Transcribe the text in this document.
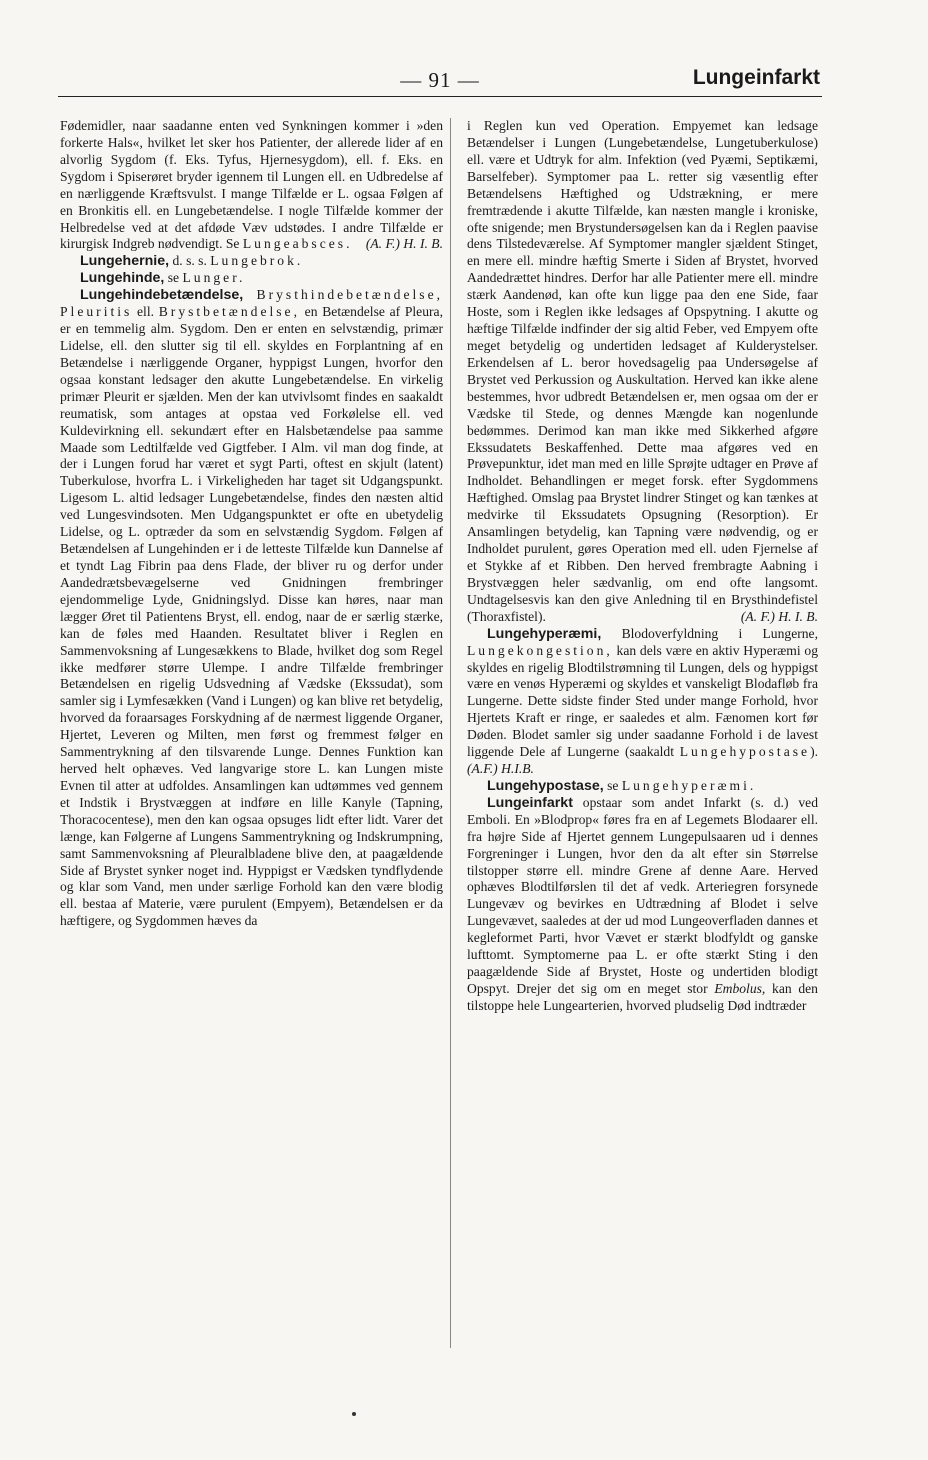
— 91 —	Lungeinfarkt

Fødemidler, naar saadanne enten ved Synkningen kommer i »den forkerte Hals«, hvilket let sker hos Patienter, der allerede lider af en alvorlig Sygdom (f. Eks. Tyfus, Hjernesygdom), ell. f. Eks. en Sygdom i Spiserøret bryder igennem til Lungen ell. en Udbredelse af en nærliggende Kræftsvulst. I mange Tilfælde er L. ogsaa Følgen af en Bronkitis ell. en Lungebetændelse. I nogle Tilfælde kommer der Helbredelse ved at det afdøde Væv udstødes. I andre Tilfælde er kirurgisk Indgreb nødvendigt. Se Lungeabsces. (A. F.) H. I. B.

Lungehernie, d. s. s. Lungebrok.

Lungehinde, se Lunger.

Lungehindebetændelse, Brysthindebetændelse, Pleuritis ell. Brystbetændelse, en Betændelse af Pleura, er en temmelig alm. Sygdom. Den er enten en selvstændig, primær Lidelse, ell. den slutter sig til ell. skyldes en Forplantning af en Betændelse i nærliggende Organer, hyppigst Lungen, hvorfor den ogsaa konstant ledsager den akutte Lungebetændelse. En virkelig primær Pleurit er sjælden. Men der kan utvivlsomt findes en saakaldt reumatisk, som antages at opstaa ved Forkølelse ell. ved Kuldevirkning ell. sekundært efter en Halsbetændelse paa samme Maade som Ledtilfælde ved Gigtfeber. I Alm. vil man dog finde, at der i Lungen forud har været et sygt Parti, oftest en skjult (latent) Tuberkulose, hvorfra L. i Virkeligheden har taget sit Udgangspunkt. Ligesom L. altid ledsager Lungebetændelse, findes den næsten altid ved Lungesvindsoten. Men Udgangspunktet er ofte en ubetydelig Lidelse, og L. optræder da som en selvstændig Sygdom. Følgen af Betændelsen af Lungehinden er i de letteste Tilfælde kun Dannelse af et tyndt Lag Fibrin paa dens Flade, der bliver ru og derfor under Aandedrætsbevægelserne ved Gnidningen frembringer ejendommelige Lyde, Gnidningslyd. Disse kan høres, naar man lægger Øret til Patientens Bryst, ell. endog, naar de er særlig stærke, kan de føles med Haanden. Resultatet bliver i Reglen en Sammenvoksning af Lungesækkens to Blade, hvilket dog som Regel ikke medfører større Ulempe. I andre Tilfælde frembringer Betændelsen en rigelig Udsvedning af Vædske (Ekssudat), som samler sig i Lymfesækken (Vand i Lungen) og kan blive ret betydelig, hvorved da foraarsages Forskydning af de nærmest liggende Organer, Hjertet, Leveren og Milten, men først og fremmest følger en Sammentrykning af den tilsvarende Lunge. Dennes Funktion kan herved helt ophæves. Ved langvarige store L. kan Lungen miste Evnen til atter at udfoldes. Ansamlingen kan udtømmes ved gennem et Indstik i Brystvæggen at indføre en lille Kanyle (Tapning, Thoracocentese), men den kan ogsaa opsuges lidt efter lidt. Varer det længe, kan Følgerne af Lungens Sammentrykning og Indskrumpning, samt Sammenvoksning af Pleuralbladene blive den, at paagældende Side af Brystet synker noget ind. Hyppigst er Vædsken tyndflydende og klar som Vand, men under særlige Forhold kan den være blodig ell. bestaa af Materie, være purulent (Empyem), Betændelsen er da hæftigere, og Sygdommen hæves da

i Reglen kun ved Operation. Empyemet kan ledsage Betændelser i Lungen (Lungebetændelse, Lungetuberkulose) ell. være et Udtryk for alm. Infektion (ved Pyæmi, Septikæmi, Barselfeber). Symptomer paa L. retter sig væsentlig efter Betændelsens Hæftighed og Udstrækning, er mere fremtrædende i akutte Tilfælde, kan næsten mangle i kroniske, ofte snigende; men Brystundersøgelsen kan da i Reglen paavise dens Tilstedeværelse. Af Symptomer mangler sjældent Stinget, en mere ell. mindre hæftig Smerte i Siden af Brystet, hvorved Aandedrættet hindres. Derfor har alle Patienter mere ell. mindre stærk Aandenød, kan ofte kun ligge paa den ene Side, faar Hoste, som i Reglen ikke ledsages af Opspytning. I akutte og hæftige Tilfælde indfinder der sig altid Feber, ved Empyem ofte meget betydelig og undertiden ledsaget af Kulderystelser. Erkendelsen af L. beror hovedsagelig paa Undersøgelse af Brystet ved Perkussion og Auskultation. Herved kan ikke alene bestemmes, hvor udbredt Betændelsen er, men ogsaa om der er Vædske til Stede, og dennes Mængde kan nogenlunde bedømmes. Derimod kan man ikke med Sikkerhed afgøre Ekssudatets Beskaffenhed. Dette maa afgøres ved en Prøvepunktur, idet man med en lille Sprøjte udtager en Prøve af Indholdet. Behandlingen er meget forsk. efter Sygdommens Hæftighed. Omslag paa Brystet lindrer Stinget og kan tænkes at medvirke til Ekssudatets Opsugning (Resorption). Er Ansamlingen betydelig, kan Tapning være nødvendig, og er Indholdet purulent, gøres Operation med ell. uden Fjernelse af et Stykke af et Ribben. Den herved frembragte Aabning i Brystvæggen heler sædvanlig, om end ofte langsomt. Undtagelsesvis kan den give Anledning til en Brysthindefistel (Thoraxfistel).	(A. F.) H. I. B.

Lungehyperæmi, Blodoverfyldning i Lungerne, Lungekongestion, kan dels være en aktiv Hyperæmi og skyldes en rigelig Blodtilstrømning til Lungen, dels og hyppigst være en venøs Hyperæmi og skyldes et vanskeligt Blodafløb fra Lungerne. Dette sidste finder Sted under mange Forhold, hvor Hjertets Kraft er ringe, er saaledes et alm. Fænomen kort før Døden. Blodet samler sig under saadanne Forhold i de lavest liggende Dele af Lungerne (saakaldt Lungehypostase). (A.F.) H.I.B.

Lungehypostase, se Lungehyperæmi.

Lungeinfarkt opstaar som andet Infarkt (s. d.) ved Emboli. En »Blodprop« føres fra en af Legemets Blodaarer ell. fra højre Side af Hjertet gennem Lungepulsaaren ud i dennes Forgreninger i Lungen, hvor den da alt efter sin Størrelse tilstopper større ell. mindre Grene af denne Aare. Herved ophæves Blodtilførslen til det af vedk. Arteriegren forsynede Lungevæv og bevirkes en Udtrædning af Blodet i selve Lungevævet, saaledes at der ud mod Lungeoverfladen dannes et kegleformet Parti, hvor Vævet er stærkt blodfyldt og ganske lufttomt. Symptomerne paa L. er ofte stærkt Sting i den paagældende Side af Brystet, Hoste og undertiden blodigt Opspyt. Drejer det sig om en meget stor Embolus, kan den tilstoppe hele Lungearterien, hvorved pludselig Død indtræder
